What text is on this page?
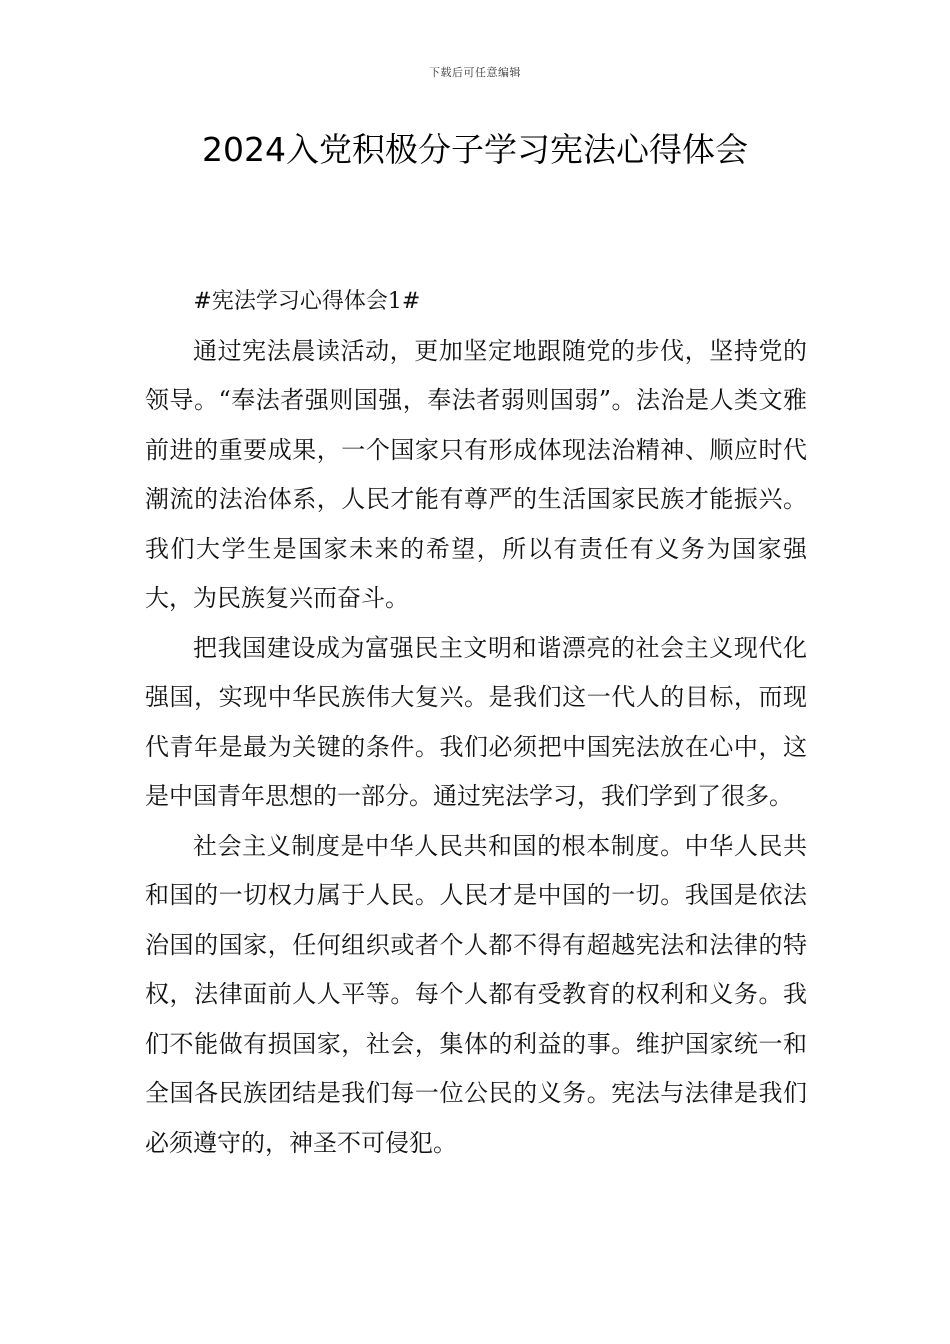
下载后可任意编辑
2024入党积极分子学习宪法心得体会

#宪法学习心得体会1#

通过宪法晨读活动，更加坚定地跟随党的步伐，坚持党的领导。“奉法者强则国强，奉法者弱则国弱”。法治是人类文雅前进的重要成果，一个国家只有形成体现法治精神、顺应时代潮流的法治体系，人民才能有尊严的生活国家民族才能振兴。我们大学生是国家未来的希望，所以有责任有义务为国家强大，为民族复兴而奋斗。

把我国建设成为富强民主文明和谐漂亮的社会主义现代化强国，实现中华民族伟大复兴。是我们这一代人的目标，而现代青年是最为关键的条件。我们必须把中国宪法放在心中，这是中国青年思想的一部分。通过宪法学习，我们学到了很多。

社会主义制度是中华人民共和国的根本制度。中华人民共和国的一切权力属于人民。人民才是中国的一切。我国是依法治国的国家，任何组织或者个人都不得有超越宪法和法律的特权，法律面前人人平等。每个人都有受教育的权利和义务。我们不能做有损国家，社会，集体的利益的事。维护国家统一和全国各民族团结是我们每一位公民的义务。宪法与法律是我们必须遵守的，神圣不可侵犯。
